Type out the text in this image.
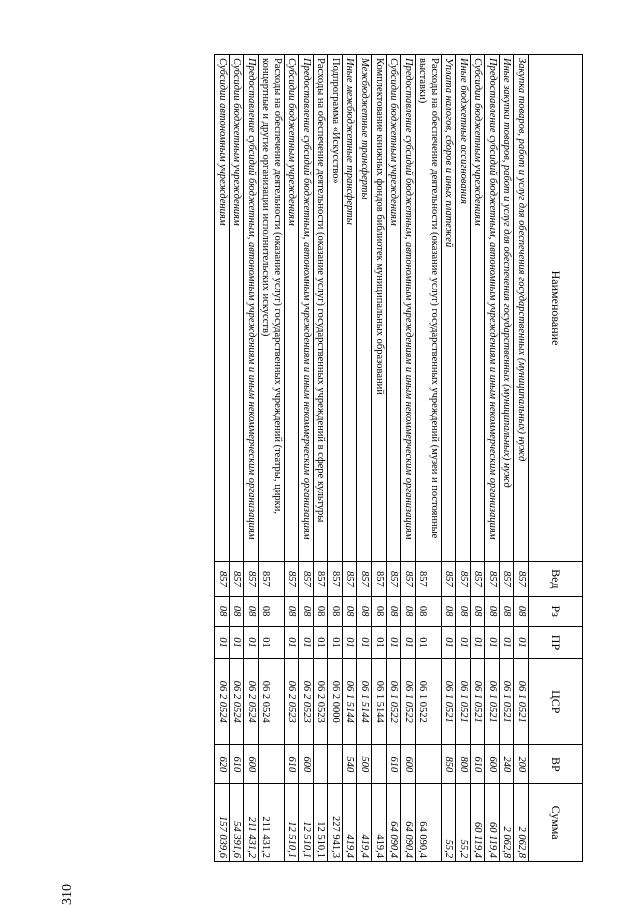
310
Наименование	Вед	Рз	ПР	ЦСР	ВР	Сумма
Закупка товаров, работ и услуг для обеспечения государственных (муниципальных) нужд	857	08	01	06 1 0521	200	2 062,8
Иные закупки товаров, работ и услуг для обеспечения государственных (муниципальных) нужд	857	08	01	06 1 0521	240	2 062,8
Предоставление субсидий бюджетным, автономным учреждениям и иным некоммерческим организациям	857	08	01	06 1 0521	600	60 119,4
Субсидии бюджетным учреждениям	857	08	01	06 1 0521	610	60 119,4
Иные бюджетные ассигнования	857	08	01	06 1 0521	800	55,2
Уплата налогов, сборов и иных платежей	857	08	01	06 1 0521	850	55,2
Расходы на обеспечение деятельности (оказание услуг) государственных учреждений (музеи и постоянные выставки)	857	08	01	06 1 0522		64 090,4
Предоставление субсидий бюджетным, автономным учреждениям и иным некоммерческим организациям	857	08	01	06 1 0522	600	64 090,4
Субсидии бюджетным учреждениям	857	08	01	06 1 0522	610	64 090,4
Комплектование книжных фондов библиотек муниципальных образований	857	08	01	06 1 5144		419,4
Межбюджетные трансферты	857	08	01	06 1 5144	500	419,4
Иные межбюджетные трансферты	857	08	01	06 1 5144	540	419,4
Подпрограмма «Искусство»	857	08	01	06 2 0000		227 941,3
Расходы на обеспечение деятельности (оказание услуг) государственных учреждений в сфере культуры	857	08	01	06 2 0523		12 510,1
Предоставление субсидий бюджетным, автономным учреждениям и иным некоммерческим организациям	857	08	01	06 2 0523	600	12 510,1
Субсидии бюджетным учреждениям	857	08	01	06 2 0523	610	12 510,1
Расходы на обеспечение деятельности (оказание услуг) государственных учреждений (театры, цирки, концертные и другие организации исполнительских искусств)	857	08	01	06 2 0524		211 431,2
Предоставление субсидий бюджетным, автономным учреждениям и иным некоммерческим организациям	857	08	01	06 2 0524	600	211 431,2
Субсидии бюджетным учреждениям	857	08	01	06 2 0524	610	54 391,6
Субсидии автономным учреждениям	857	08	01	06 2 0524	620	157 039,6
